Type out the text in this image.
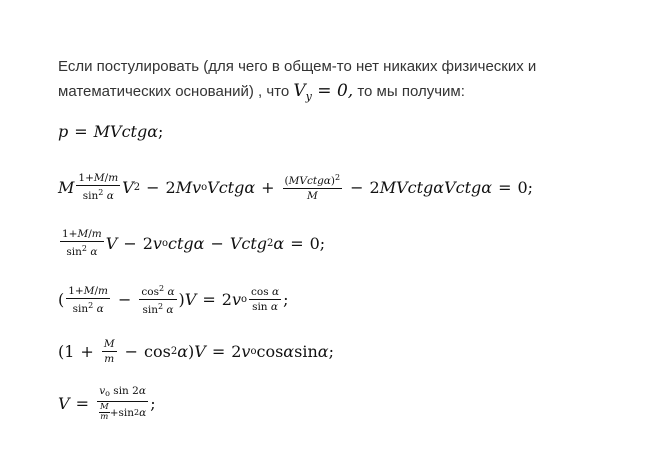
Если постулировать (для чего в общем-то нет никаких физических и
математических оснований) , что $V_y = 0$, то мы получим:
p = MVctgα ;
M $\frac{1+M/m}{\sin^2 \alpha}$ V 2 − 2 Mv o Vctgα + $\frac{(MVctg\alpha)^2}{M} - 2$ MVctgαVctgα = 0;
$\frac{1+M/m}{\sin^2 \alpha}$ V − 2 v o ctgα − Vctg 2 α = 0;
( $\frac{1+M/m}{\sin^2 \alpha} - \frac{\cos^2 \alpha}{\sin^2 \alpha}$ ) V = 2 v o $\frac{\text{cos α}}{\text{sin α}}$ ;
($1 + \frac{M}{m} - \cos 2$ α ) V = 2 v o cos α sin α ;
$V = \frac{v_o \sin 2\alpha}{\frac{M}{m} +\sin 2 \alpha}$ ;
